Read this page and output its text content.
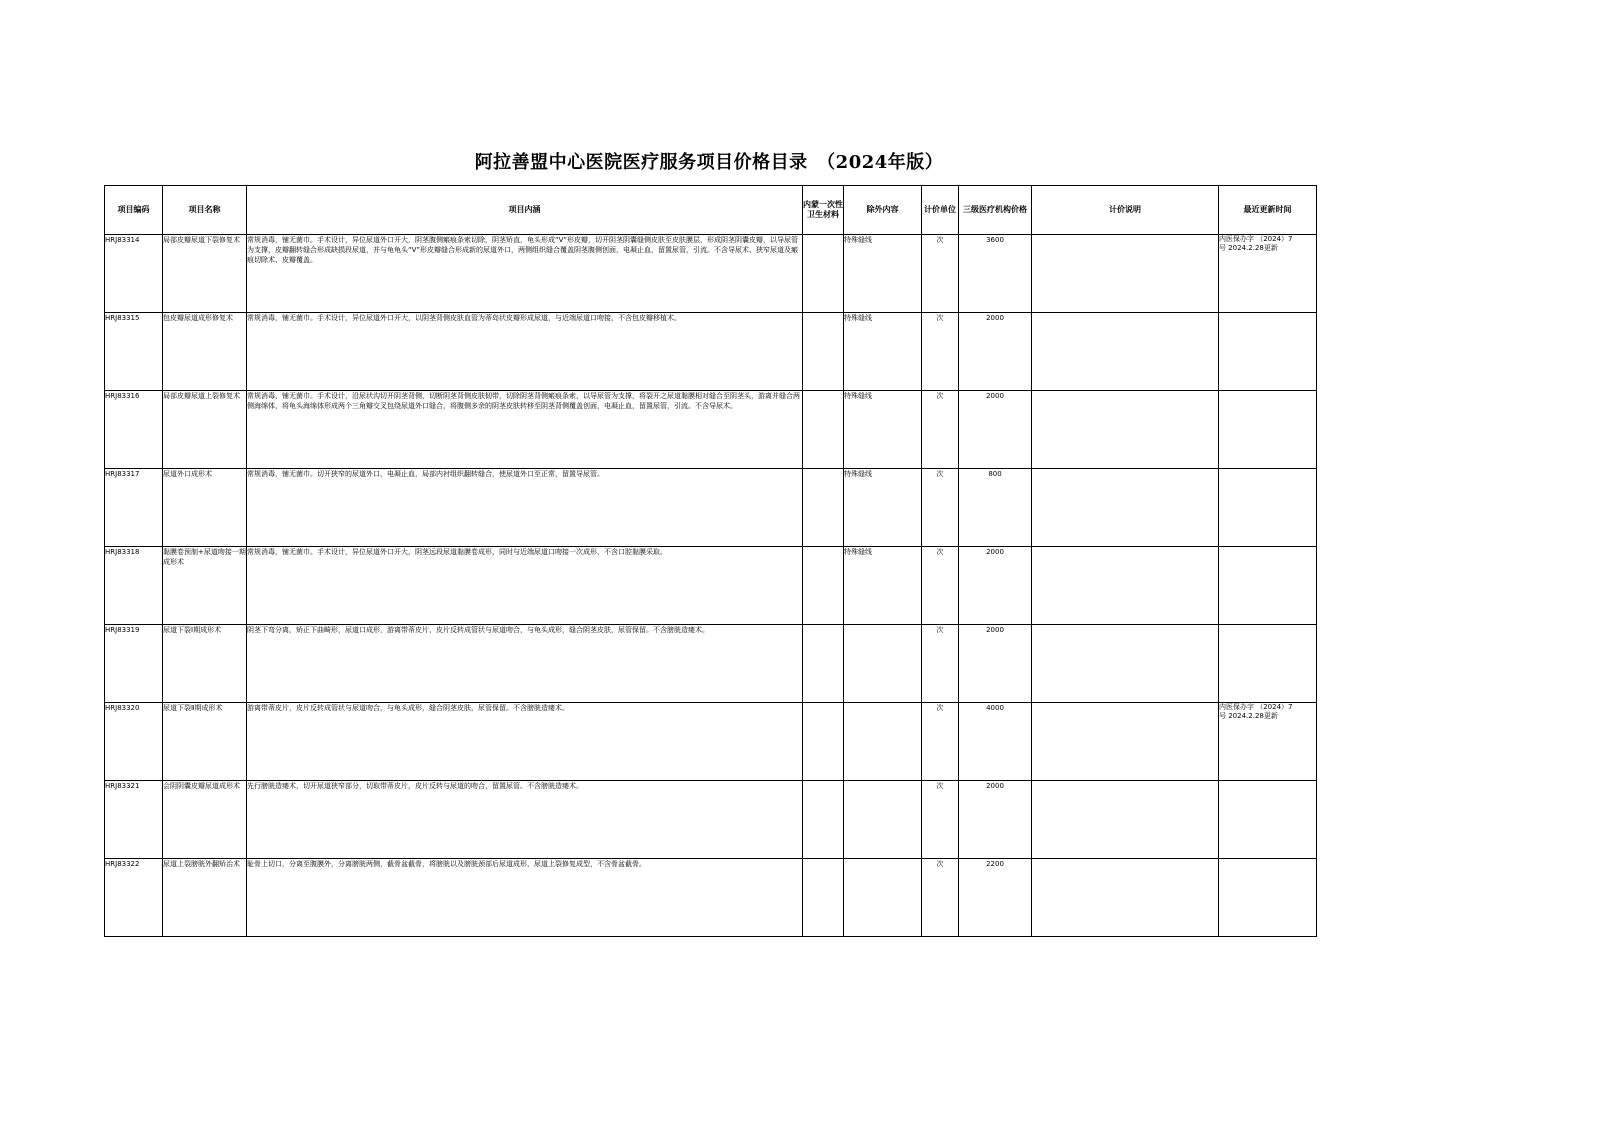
阿拉善盟中心医院医疗服务项目价格目录　（2024年版）
项目编码	项目名称	项目内涵	内蒙一次性卫生材料	除外内容	计价单位	三级医疗机构价格	计价说明	最近更新时间
HRJ83314	局部皮瓣尿道下裂修复术	常规消毒，铺无菌巾。手术设计，异位尿道外口开大，阴茎腹侧瘢痕条索切除，阴茎矫直，龟头形成“V”形皮瓣，切开阴茎阴囊缝侧皮肤至皮肤膜层，形成阴茎阴囊皮瓣，以导尿管为支撑，皮瓣翻转缝合形成缺损段尿道，并与龟龟头“V”形皮瓣缝合形成新的尿道外口，两侧组织缝合覆盖阴茎腹侧创面，电凝止血，留置尿管，引流。不含导尿术、狭窄尿道及瘢痕切除术、皮瓣覆盖。		特殊缝线	次	3600		内医保办字 （2024）7
号 2024.2.28更新

HRJ83315	包皮瓣尿道成形修复术	常规消毒，铺无菌巾。手术设计，异位尿道外口开大，以阴茎背侧皮肤血管为蒂岛状皮瓣形成尿道，与近端尿道口吻接，不含包皮瓣移植术。		特殊缝线	次	2000		

HRJ83316	局部皮瓣尿道上裂修复术	常规消毒，铺无菌巾。手术设计，沿尿状沟切开阴茎背侧，切断阴茎背侧皮肤韧带，切除阴茎背侧瘢痕条索，以导尿管为支撑，将裂开之尿道黏膜相对缝合至阴茎头，游离并缝合两侧海绵体，将龟头海绵体形成两个三角瓣交叉包绕尿道外口缝合，将腹侧多余的阴茎皮肤转移至阴茎背侧覆盖创面，电凝止血，留置尿管，引流。不含导尿术。		特殊缝线	次	2000		

HRJ83317	尿道外口成形术	常规消毒，铺无菌巾。切开狭窄的尿道外口，电凝止血，局部内衬组织翻转缝合，使尿道外口至正常，留置导尿管。		特殊缝线	次	800		

HRJ83318	黏膜卷预制+尿道吻接一期成形术	常规消毒，铺无菌巾。手术设计，异位尿道外口开大，阴茎远段尿道黏膜卷成形，同时与近端尿道口吻接一次成形，不含口腔黏膜采取。		特殊缝线	次	2000		

HRJ83319	尿道下裂Ⅰ期成形术	阴茎下弯分离，矫正下曲畸形，尿道口成形，游离带蒂皮片，皮片反转成管状与尿道吻合，与龟头成形，缝合阴茎皮肤，尿管保留。不含膀胱造瘘术。			次	2000		

HRJ83320	尿道下裂Ⅱ期成形术	游离带蒂皮片，皮片反转成管状与尿道吻合，与龟头成形，缝合阴茎皮肤，尿管保留。不含膀胱造瘘术。			次	4000		内医保办字 （2024）7
号 2024.2.28更新

HRJ83321	会阴阴囊皮瓣尿道成形术	先行膀胱造瘘术，切开尿道狭窄部分，切取带蒂皮片，皮片反转与尿道的吻合，留置尿管。不含膀胱造瘘术。			次	2000		

HRJ83322	尿道上裂膀胱外翻矫治术	耻骨上切口，分离至腹膜外，分离膀胱两侧，截骨盆截骨，将膀胱以及膀胱颈部后尿道成形，尿道上裂修复成型，不含骨盆截骨。			次	2200		
